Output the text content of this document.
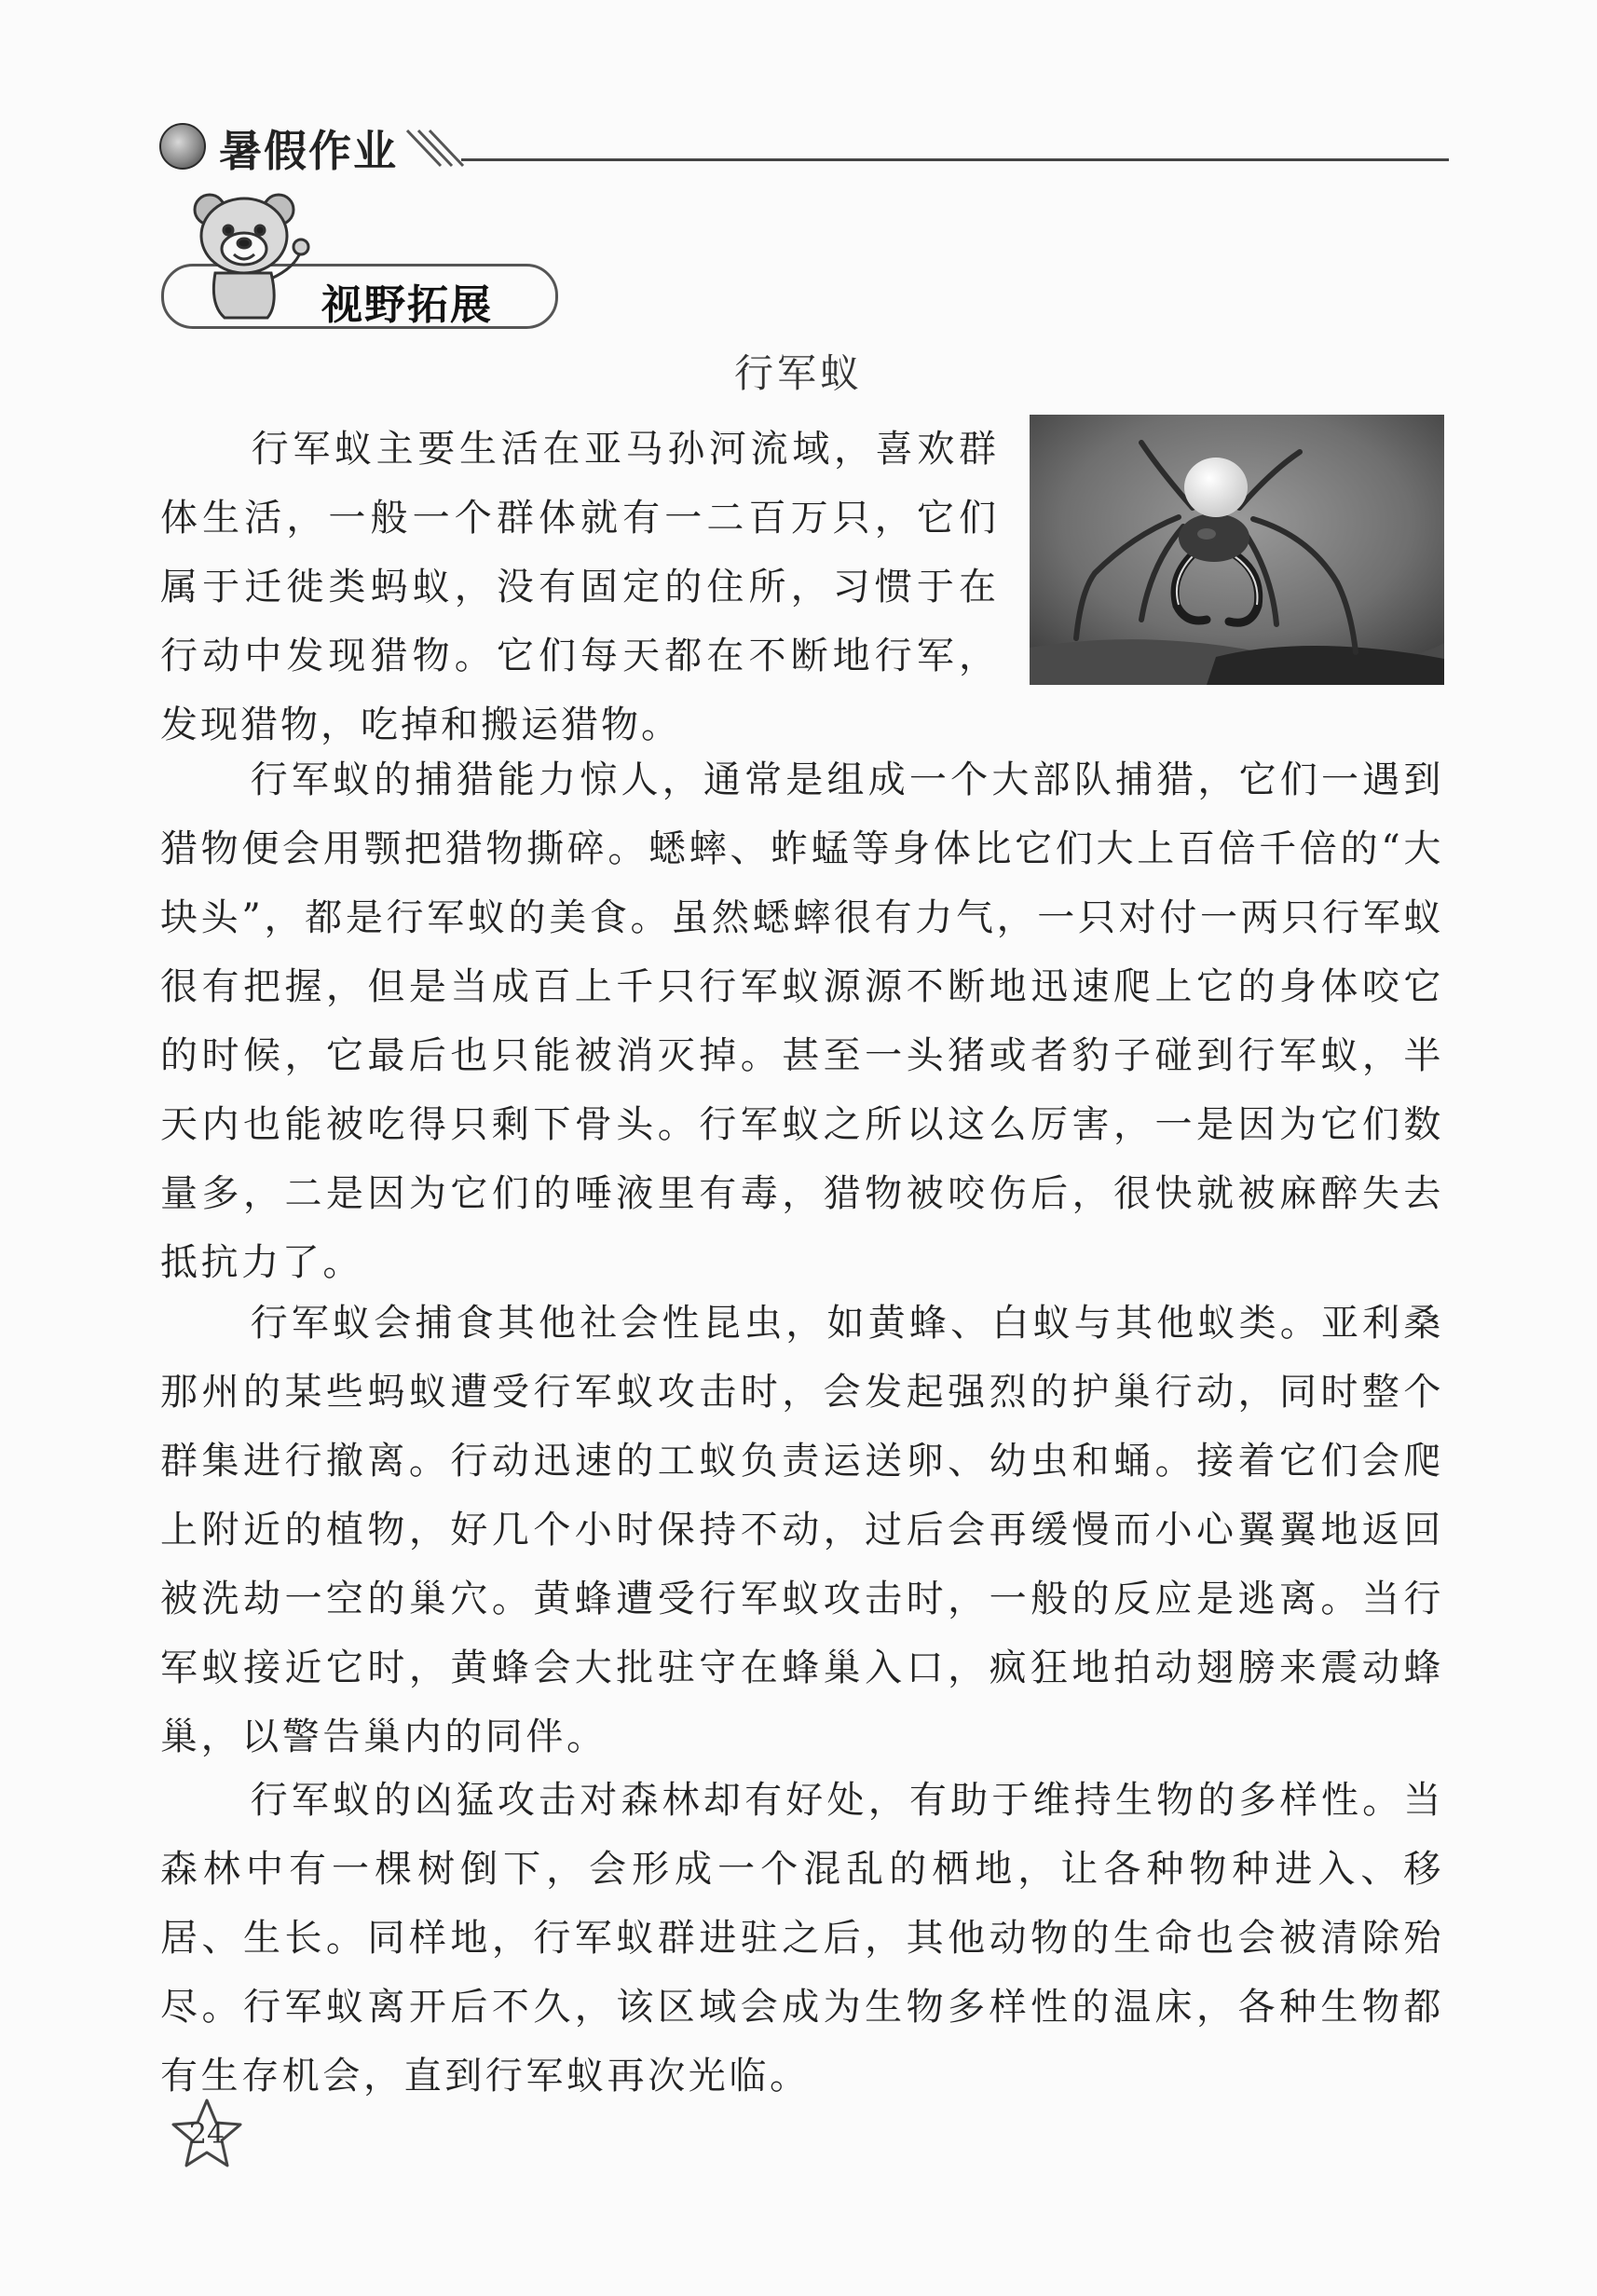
暑假作业
视野拓展
行军蚁

行军蚁主要生活在亚马孙河流域，喜欢群体生活，一般一个群体就有一二百万只，它们属于迁徙类蚂蚁，没有固定的住所，习惯于在行动中发现猎物。它们每天都在不断地行军，发现猎物，吃掉和搬运猎物。

行军蚁的捕猎能力惊人，通常是组成一个大部队捕猎，它们一遇到猎物便会用颚把猎物撕碎。蟋蟀、蚱蜢等身体比它们大上百倍千倍的“大块头”，都是行军蚁的美食。虽然蟋蟀很有力气，一只对付一两只行军蚁很有把握，但是当成百上千只行军蚁源源不断地迅速爬上它的身体咬它的时候，它最后也只能被消灭掉。甚至一头猪或者豹子碰到行军蚁，半天内也能被吃得只剩下骨头。行军蚁之所以这么厉害，一是因为它们数量多，二是因为它们的唾液里有毒，猎物被咬伤后，很快就被麻醉失去抵抗力了。

行军蚁会捕食其他社会性昆虫，如黄蜂、白蚁与其他蚁类。亚利桑那州的某些蚂蚁遭受行军蚁攻击时，会发起强烈的护巢行动，同时整个群集进行撤离。行动迅速的工蚁负责运送卵、幼虫和蛹。接着它们会爬上附近的植物，好几个小时保持不动，过后会再缓慢而小心翼翼地返回被洗劫一空的巢穴。黄蜂遭受行军蚁攻击时，一般的反应是逃离。当行军蚁接近它时，黄蜂会大批驻守在蜂巢入口，疯狂地拍动翅膀来震动蜂巢，以警告巢内的同伴。

行军蚁的凶猛攻击对森林却有好处，有助于维持生物的多样性。当森林中有一棵树倒下，会形成一个混乱的栖地，让各种物种进入、移居、生长。同样地，行军蚁群进驻之后，其他动物的生命也会被清除殆尽。行军蚁离开后不久，该区域会成为生物多样性的温床，各种生物都有生存机会，直到行军蚁再次光临。

24
